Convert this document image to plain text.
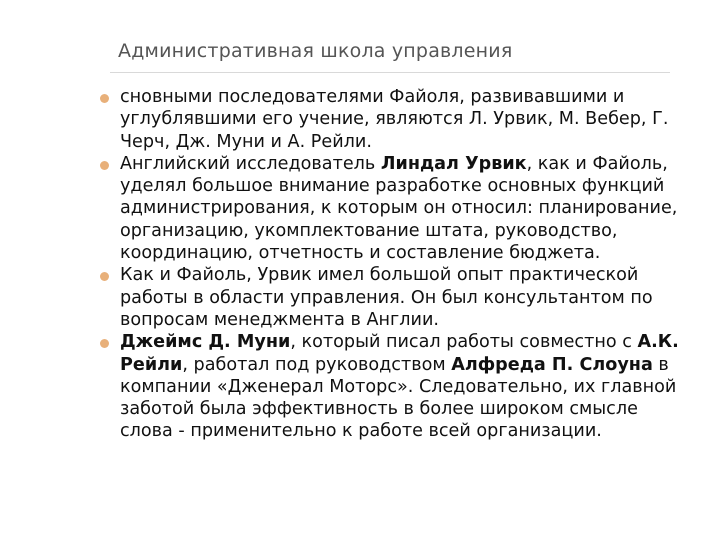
Административная школа управления
сновными последователями Файоля, развивавшими и
углублявшими его учение, являются Л. Урвик, М. Вебер, Г.
Черч, Дж. Муни и А. Рейли.
Английский исследователь Линдал Урвик, как и Файоль,
уделял большое внимание разработке основных функций
администрирования, к которым он относил: планирование,
организацию, укомплектование штата, руководство,
координацию, отчетность и составление бюджета.
Как и Файоль, Урвик имел большой опыт практической
работы в области управления. Он был консультантом по
вопросам менеджмента в Англии.
Джеймс Д. Муни, который писал работы совместно с А.К.
Рейли, работал под руководством Алфреда П. Слоуна в
компании «Дженерал Моторс». Следовательно, их главной
заботой была эффективность в более широком смысле
слова - применительно к работе всей организации.
